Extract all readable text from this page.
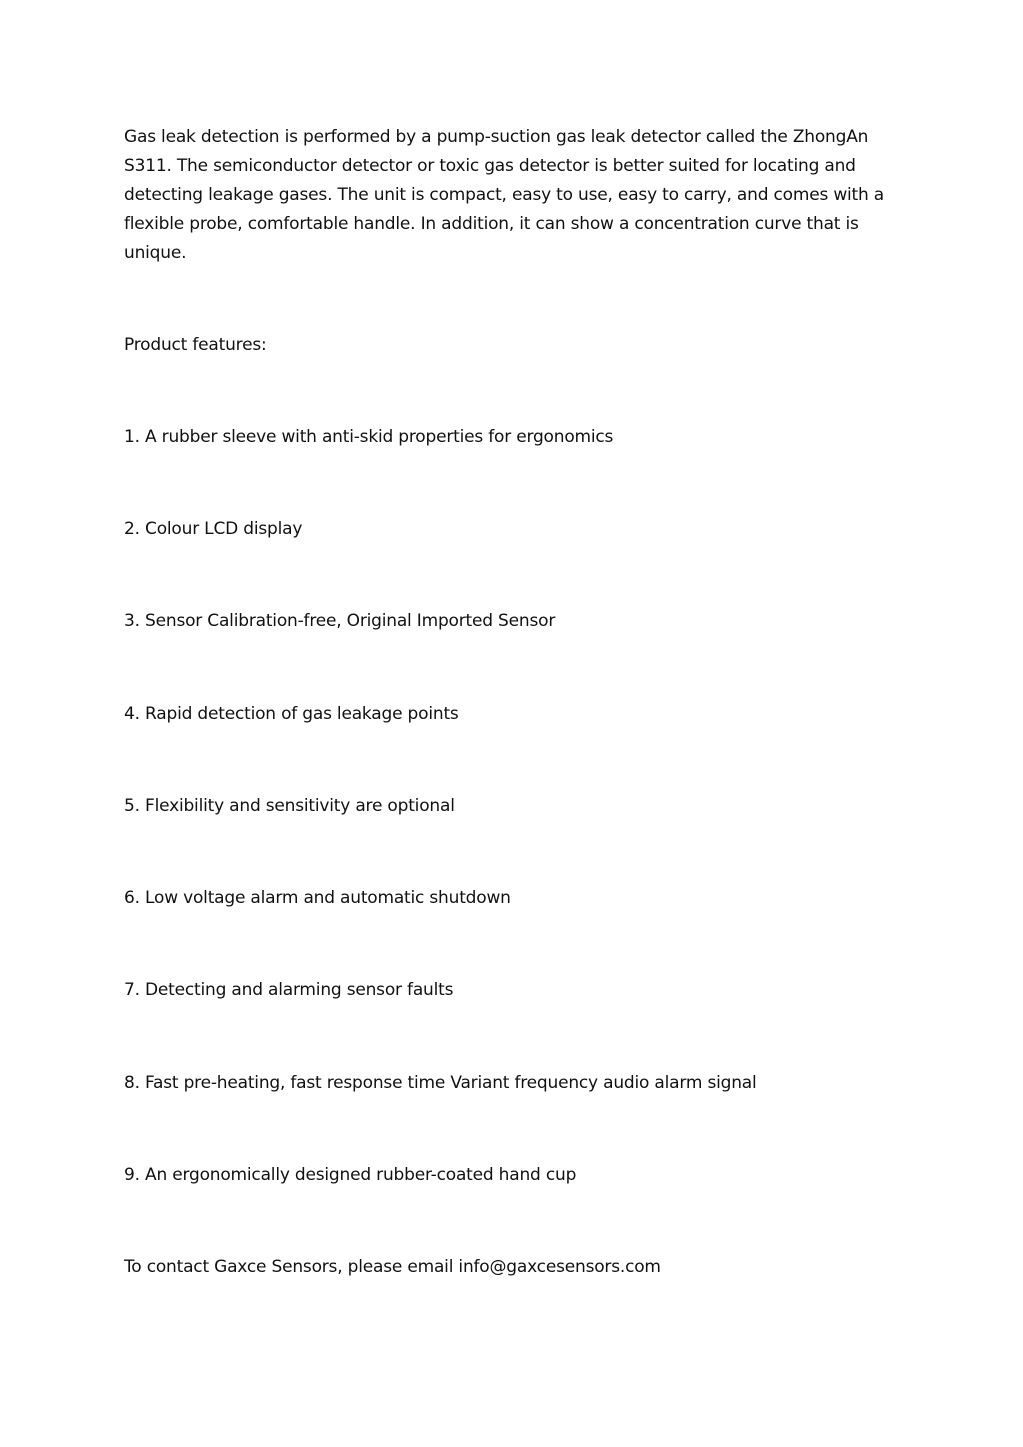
Gas leak detection is performed by a pump-suction gas leak detector called the ZhongAn S311. The semiconductor detector or toxic gas detector is better suited for locating and detecting leakage gases. The unit is compact, easy to use, easy to carry, and comes with a flexible probe, comfortable handle. In addition, it can show a concentration curve that is unique.

Product features:

1. A rubber sleeve with anti-skid properties for ergonomics

2. Colour LCD display

3. Sensor Calibration-free, Original Imported Sensor

4. Rapid detection of gas leakage points

5. Flexibility and sensitivity are optional

6. Low voltage alarm and automatic shutdown

7. Detecting and alarming sensor faults

8. Fast pre-heating, fast response time Variant frequency audio alarm signal

9. An ergonomically designed rubber-coated hand cup

To contact Gaxce Sensors, please email info@gaxcesensors.com
